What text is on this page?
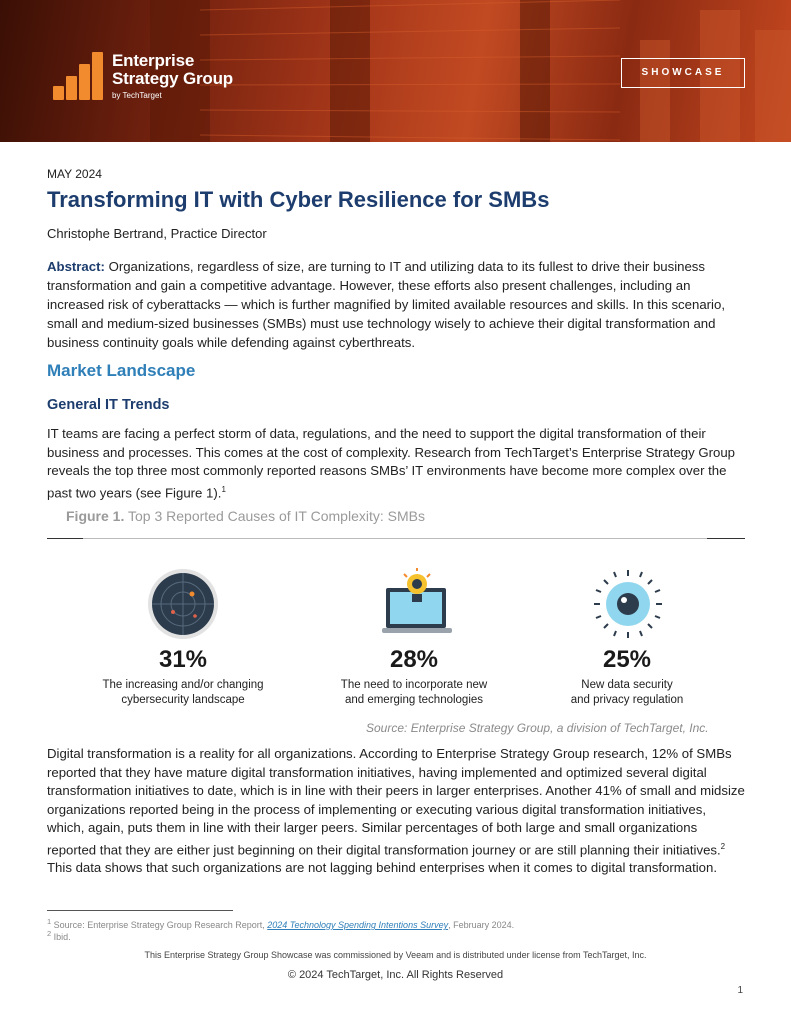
Enterprise
Strategy Group
by TechTarget
SHOWCASE
MAY 2024
Transforming IT with Cyber Resilience for SMBs
Christophe Bertrand, Practice Director
Abstract: Organizations, regardless of size, are turning to IT and utilizing data to its fullest to drive their business transformation and gain a competitive advantage. However, these efforts also present challenges, including an increased risk of cyberattacks — which is further magnified by limited available resources and skills. In this scenario, small and medium-sized businesses (SMBs) must use technology wisely to achieve their digital transformation and business continuity goals while defending against cyberthreats.
Market Landscape
General IT Trends
IT teams are facing a perfect storm of data, regulations, and the need to support the digital transformation of their business and processes. This comes at the cost of complexity. Research from TechTarget’s Enterprise Strategy Group reveals the top three most commonly reported reasons SMBs’ IT environments have become more complex over the past two years (see Figure 1).$^1$
Figure 1. Top 3 Reported Causes of IT Complexity: SMBs
31%
The increasing and/or changing
cybersecurity landscape
28%
The need to incorporate new
and emerging technologies
25%
New data security
and privacy regulation
Source: Enterprise Strategy Group, a division of TechTarget, Inc.
Digital transformation is a reality for all organizations. According to Enterprise Strategy Group research, 12% of SMBs reported that they have mature digital transformation initiatives, having implemented and optimized several digital transformation initiatives to date, which is in line with their peers in larger enterprises. Another 41% of small and midsize organizations reported being in the process of implementing or executing various digital transformation initiatives, which, again, puts them in line with their larger peers. Similar percentages of both large and small organizations reported that they are either just beginning on their digital transformation journey or are still planning their initiatives.$^2$ This data shows that such organizations are not lagging behind enterprises when it comes to digital transformation.
$^1$ Source: Enterprise Strategy Group Research Report, 2024 Technology Spending Intentions Survey, February 2024.
$^2$ Ibid.
This Enterprise Strategy Group Showcase was commissioned by Veeam and is distributed under license from TechTarget, Inc.
© 2024 TechTarget, Inc. All Rights Reserved
1
